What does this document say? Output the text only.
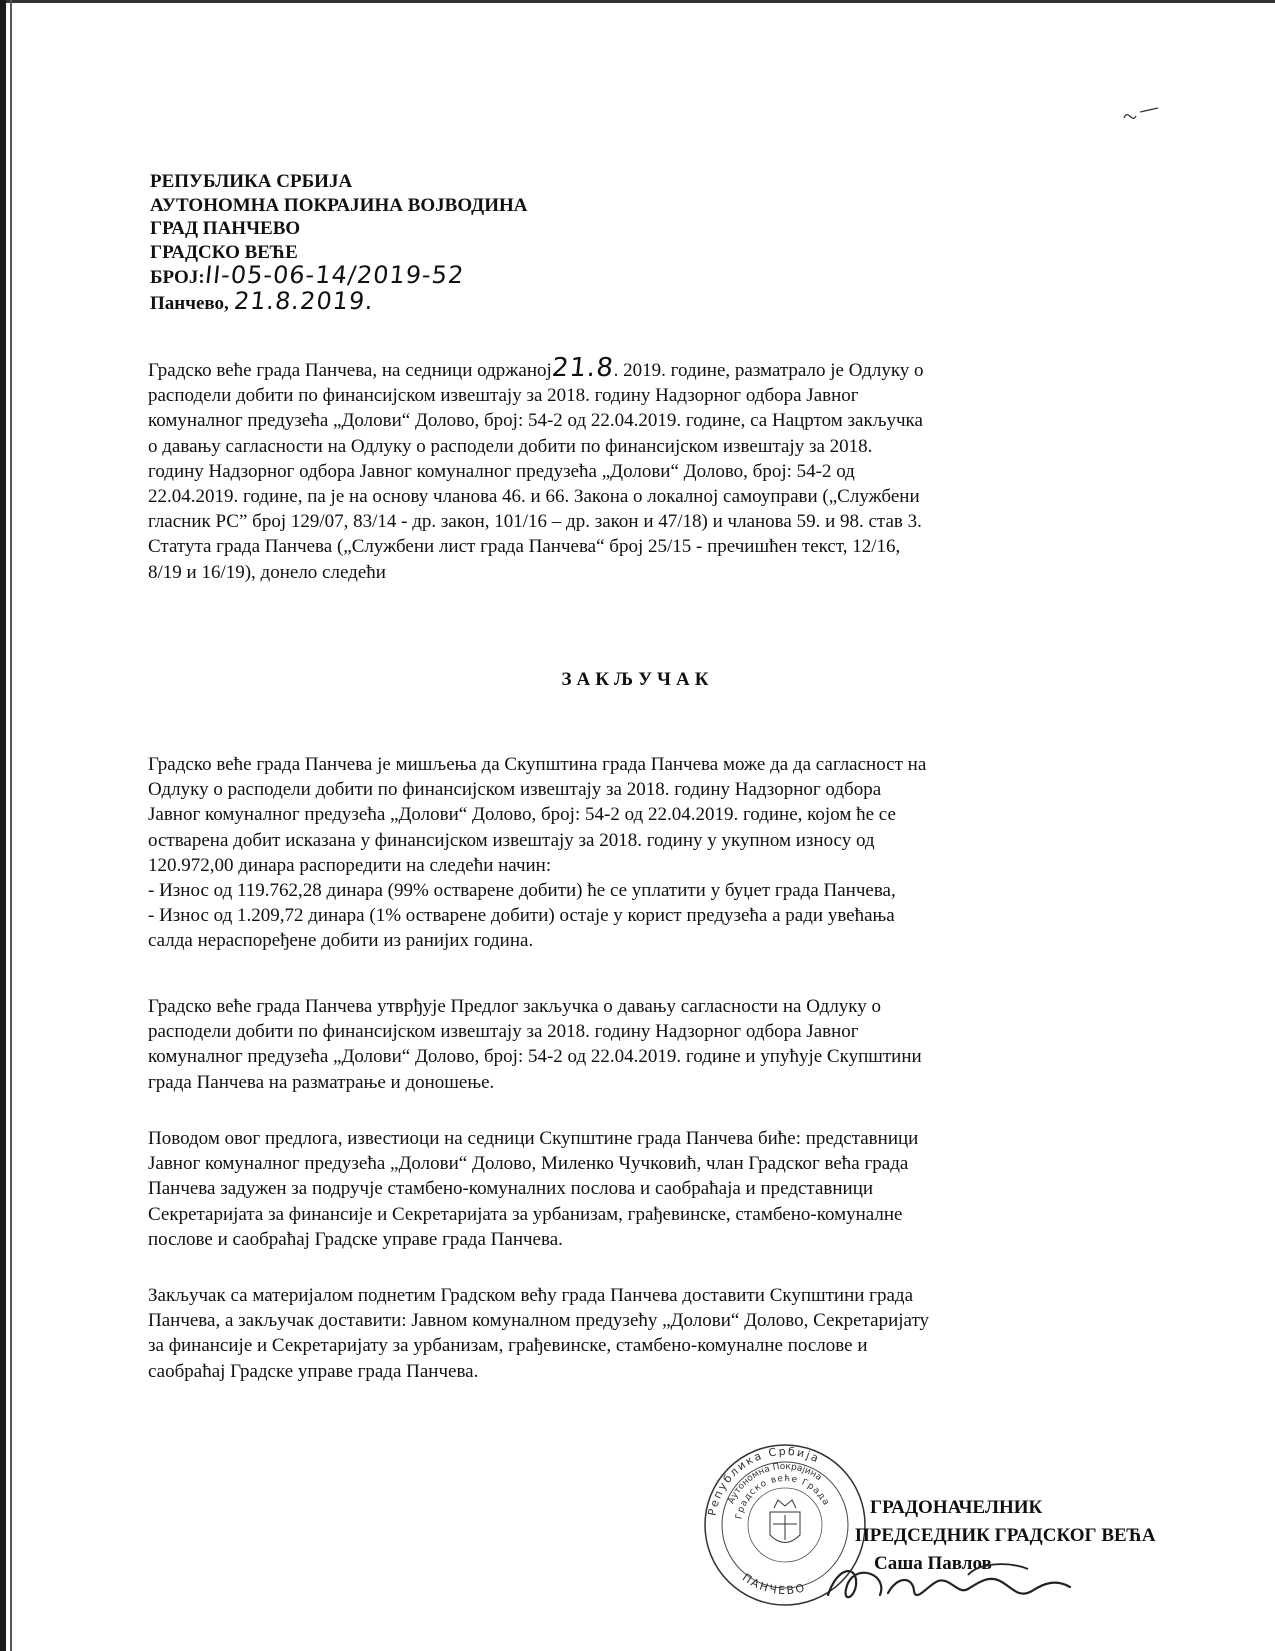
РЕПУБЛИКА СРБИЈА
АУТОНОМНА ПОКРАЈИНА ВОЈВОДИНА
ГРАД ПАНЧЕВО
ГРАДСКО ВЕЋЕ
БРОЈ:II-05-06-14/2019-52
Панчево, 21.8.2019.
Градско веће града Панчева, на седници одржаној21.8. 2019. године, разматрало је Одлуку о
расподели добити по финансијском извештају за 2018. годину Надзорног одбора Јавног
комуналног предузећа „Долови“ Долово, број: 54-2 од 22.04.2019. године, са Нацртом закључка
о давању сагласности на Одлуку о расподели добити по финансијском извештају за 2018.
годину Надзорног одбора Јавног комуналног предузећа „Долови“ Долово, број: 54-2 од
22.04.2019. године, па је на основу чланова 46. и 66. Закона о локалној самоуправи („Службени
гласник РС” број 129/07, 83/14 - др. закон, 101/16 – др. закон и 47/18) и чланова 59. и 98. став 3.
Статута града Панчева („Службени лист града Панчева“ број 25/15 - пречишћен текст, 12/16,
8/19 и 16/19), донело следећи
ЗАКЉУЧАК
Градско веће града Панчева је мишљења да Скупштина града Панчева може да да сагласност на
Одлуку о расподели добити по финансијском извештају за 2018. годину Надзорног одбора
Јавног комуналног предузећа „Долови“ Долово, број: 54-2 од 22.04.2019. године, којом ће се
остварена добит исказана у финансијском извештају за 2018. годину у укупном износу од
120.972,00 динара распоредити на следећи начин:
- Износ од 119.762,28 динара (99% остварене добити) ће се уплатити у буџет града Панчева,
- Износ од 1.209,72 динара (1% остварене добити) остаје у корист предузећа а ради увећања
салда нераспоређене добити из ранијих година.
Градско веће града Панчева утврђује Предлог закључка о давању сагласности на Одлуку о
расподели добити по финансијском извештају за 2018. годину Надзорног одбора Јавног
комуналног предузећа „Долови“ Долово, број: 54-2 од 22.04.2019. године и упућује Скупштини
града Панчева на разматрање и доношење.
Поводом овог предлога, известиоци на седници Скупштине града Панчева биће: представници
Јавног комуналног предузећа „Долови“ Долово, Миленко Чучковић, члан Градског већа града
Панчева задужен за подручје стамбено-комуналних послова и саобраћаја и представници
Секретаријата за финансије и Секретаријата за урбанизам, грађевинске, стамбено-комуналне
послове и саобраћај Градске управе града Панчева.
Закључак са материјалом поднетим Градском већу града Панчева доставити Скупштини града
Панчева, а закључак доставити: Јавном комуналном предузећу „Долови“ Долово, Секретаријату
за финансије и Секретаријату за урбанизам, грађевинске, стамбено-комуналне послове и
саобраћај Градске управе града Панчева.
Република Србија
Аутономна Покрајина
Градско веће Града
ПАНЧЕВО
ГРАДОНАЧЕЛНИК
ПРЕДСЕДНИК ГРАДСКОГ ВЕЋА
Саша Павлов
